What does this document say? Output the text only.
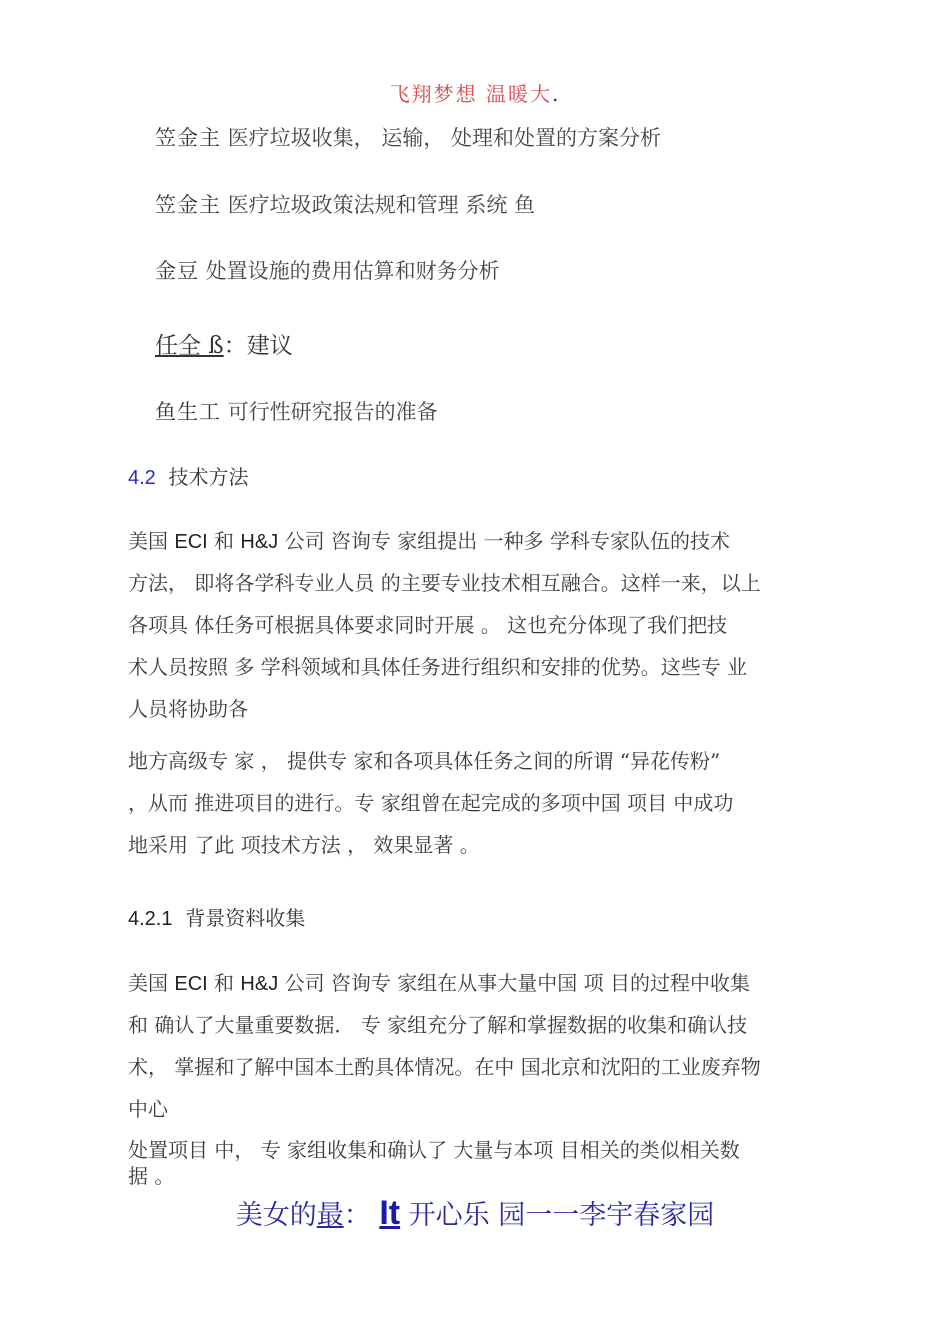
飞翔梦想 温暖大.
笠金主 医疗垃圾收集， 运输， 处理和处置的方案分析
笠金主 医疗垃圾政策法规和管理 系统 鱼
金豆 处置设施的费用估算和财务分析
任全 ß：建议
鱼生工 可行性研究报告的准备
4.2 技术方法
美国 ECI 和 H&J 公司 咨询专 家组提出 一种多 学科专家队伍的技术
方法， 即将各学科专业人员 的主要专业技术相互融合。这样一来，以上
各项具 体任务可根据具体要求同时开展 。 这也充分体现了我们把技
术人员按照 多 学科领域和具体任务进行组织和安排的优势。这些专 业
人员将协助各
地方高级专 家 ， 提供专 家和各项具体任务之间的所谓 “异花传粉”
，从而 推进项目的进行。专 家组曾在起完成的多项中国 项目 中成功
地采用 了此 项技术方法 ， 效果显著 。
4.2.1 背景资料收集
美国 ECI 和 H&J 公司 咨询专 家组在从事大量中国 项 目的过程中收集
和 确认了大量重要数据． 专 家组充分了解和掌握数据的收集和确认技
术， 掌握和了解中国本土酌具体情况。在中 国北京和沈阳的工业废弃物
中心
处置项目 中， 专 家组收集和确认了 大量与本项 目相关的类似相关数
据 。
美女的最： It 开心乐 园一一李宇春家园
